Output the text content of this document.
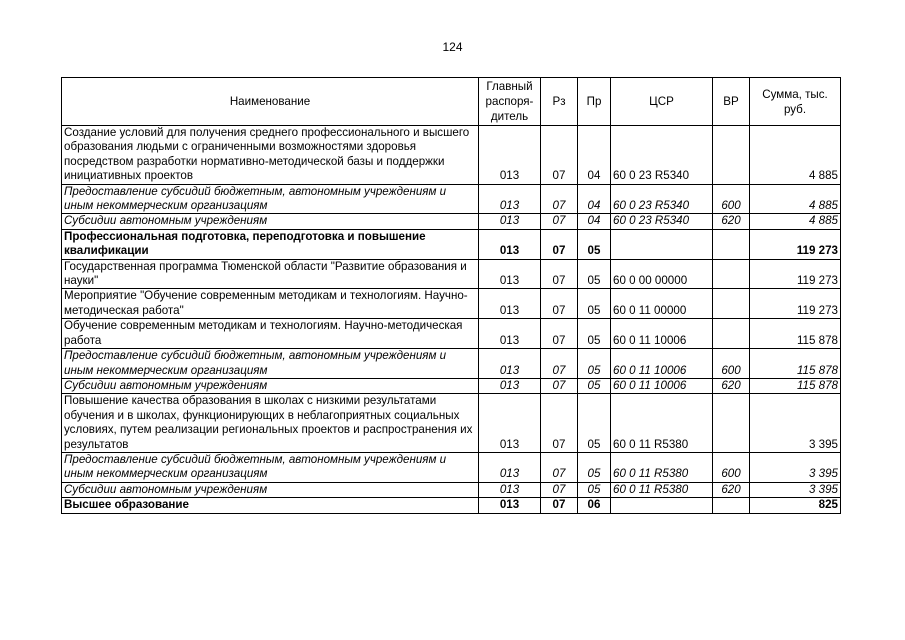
124
Наименование	Главный распоря-дитель	Рз	Пр	ЦСР	ВР	Сумма, тыс. руб.
Создание условий для получения среднего профессионального и высшего образования людьми с ограниченными возможностями здоровья посредством разработки нормативно-методической базы и поддержки инициативных проектов	013	07	04	60 0 23 R5340		4 885
Предоставление субсидий бюджетным, автономным учреждениям и иным некоммерческим организациям	013	07	04	60 0 23 R5340	600	4 885
Субсидии автономным учреждениям	013	07	04	60 0 23 R5340	620	4 885
Профессиональная подготовка, переподготовка и повышение квалификации	013	07	05			119 273
Государственная программа Тюменской области "Развитие образования и науки"	013	07	05	60 0 00 00000		119 273
Мероприятие "Обучение современным методикам и технологиям. Научно-методическая работа"	013	07	05	60 0 11 00000		119 273
Обучение современным методикам и технологиям. Научно-методическая работа	013	07	05	60 0 11 10006		115 878
Предоставление субсидий бюджетным, автономным учреждениям и иным некоммерческим организациям	013	07	05	60 0 11 10006	600	115 878
Субсидии автономным учреждениям	013	07	05	60 0 11 10006	620	115 878
Повышение качества образования в школах с низкими результатами обучения и в школах, функционирующих в неблагоприятных социальных условиях, путем реализации региональных проектов и распространения их результатов	013	07	05	60 0 11 R5380		3 395
Предоставление субсидий бюджетным, автономным учреждениям и иным некоммерческим организациям	013	07	05	60 0 11 R5380	600	3 395
Субсидии автономным учреждениям	013	07	05	60 0 11 R5380	620	3 395
Высшее образование	013	07	06			825
